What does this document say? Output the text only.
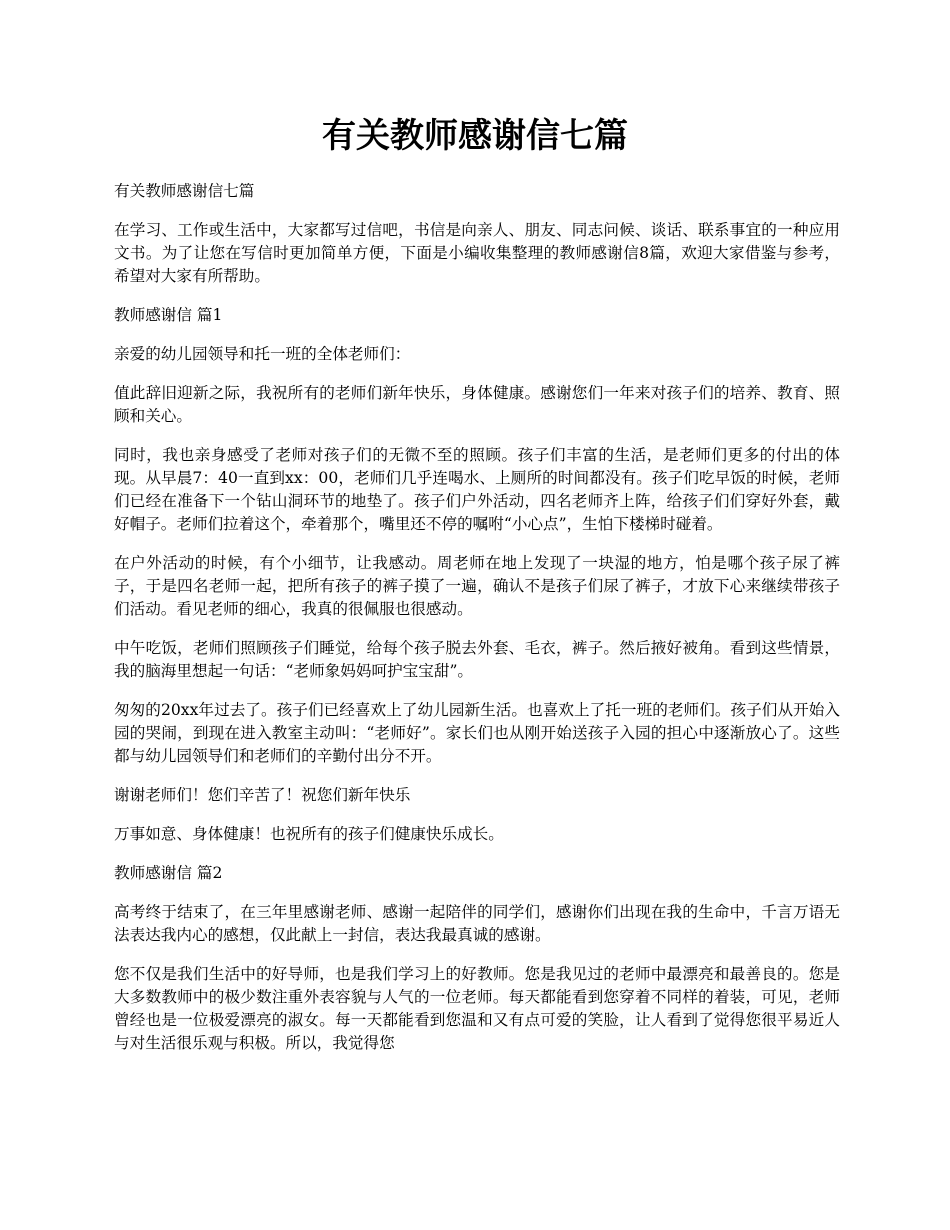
有关教师感谢信七篇

有关教师感谢信七篇

在学习、工作或生活中，大家都写过信吧，书信是向亲人、朋友、同志问候、谈话、联系事宜的一种应用文书。为了让您在写信时更加简单方便，下面是小编收集整理的教师感谢信8篇，欢迎大家借鉴与参考，希望对大家有所帮助。

教师感谢信 篇1

亲爱的幼儿园领导和托一班的全体老师们：

值此辞旧迎新之际，我祝所有的老师们新年快乐，身体健康。感谢您们一年来对孩子们的培养、教育、照顾和关心。

同时，我也亲身感受了老师对孩子们的无微不至的照顾。孩子们丰富的生活，是老师们更多的付出的体现。从早晨7：40一直到xx：00，老师们几乎连喝水、上厕所的时间都没有。孩子们吃早饭的时候，老师们已经在准备下一个钻山洞环节的地垫了。孩子们户外活动，四名老师齐上阵，给孩子们们穿好外套，戴好帽子。老师们拉着这个，牵着那个，嘴里还不停的嘱咐“小心点”，生怕下楼梯时碰着。

在户外活动的时候，有个小细节，让我感动。周老师在地上发现了一块湿的地方，怕是哪个孩子尿了裤子，于是四名老师一起，把所有孩子的裤子摸了一遍，确认不是孩子们尿了裤子，才放下心来继续带孩子们活动。看见老师的细心，我真的很佩服也很感动。

中午吃饭，老师们照顾孩子们睡觉，给每个孩子脱去外套、毛衣，裤子。然后掖好被角。看到这些情景，我的脑海里想起一句话：“老师象妈妈呵护宝宝甜”。

匆匆的20xx年过去了。孩子们已经喜欢上了幼儿园新生活。也喜欢上了托一班的老师们。孩子们从开始入园的哭闹，到现在进入教室主动叫：“老师好”。家长们也从刚开始送孩子入园的担心中逐渐放心了。这些都与幼儿园领导们和老师们的辛勤付出分不开。

谢谢老师们！您们辛苦了！祝您们新年快乐

万事如意、身体健康！也祝所有的孩子们健康快乐成长。

教师感谢信 篇2

高考终于结束了，在三年里感谢老师、感谢一起陪伴的同学们，感谢你们出现在我的生命中，千言万语无法表达我内心的感想，仅此献上一封信，表达我最真诚的感谢。

您不仅是我们生活中的好导师，也是我们学习上的好教师。您是我见过的老师中最漂亮和最善良的。您是大多数教师中的极少数注重外表容貌与人气的一位老师。每天都能看到您穿着不同样的着装，可见，老师曾经也是一位极爱漂亮的淑女。每一天都能看到您温和又有点可爱的笑脸，让人看到了觉得您很平易近人与对生活很乐观与积极。所以，我觉得您
